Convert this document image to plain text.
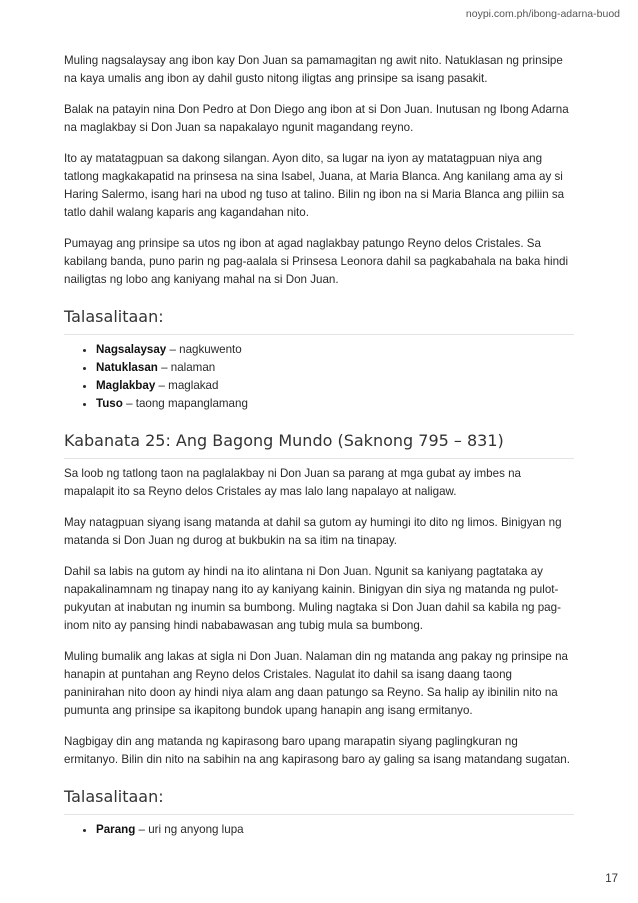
noypi.com.ph/ibong-adarna-buod

Muling nagsalaysay ang ibon kay Don Juan sa pamamagitan ng awit nito. Natuklasan ng prinsipe na kaya umalis ang ibon ay dahil gusto nitong iligtas ang prinsipe sa isang pasakit.

Balak na patayin nina Don Pedro at Don Diego ang ibon at si Don Juan. Inutusan ng Ibong Adarna na maglakbay si Don Juan sa napakalayo ngunit magandang reyno.

Ito ay matatagpuan sa dakong silangan. Ayon dito, sa lugar na iyon ay matatagpuan niya ang tatlong magkakapatid na prinsesa na sina Isabel, Juana, at Maria Blanca. Ang kanilang ama ay si Haring Salermo, isang hari na ubod ng tuso at talino. Bilin ng ibon na si Maria Blanca ang piliin sa tatlo dahil walang kaparis ang kagandahan nito.

Pumayag ang prinsipe sa utos ng ibon at agad naglakbay patungo Reyno delos Cristales. Sa kabilang banda, puno parin ng pag-aalala si Prinsesa Leonora dahil sa pagkabahala na baka hindi nailigtas ng lobo ang kaniyang mahal na si Don Juan.

Talasalitaan:
• Nagsalaysay – nagkuwento
• Natuklasan – nalaman
• Maglakbay – maglakad
• Tuso – taong mapanglamang
Kabanata 25: Ang Bagong Mundo (Saknong 795 – 831)

Sa loob ng tatlong taon na paglalakbay ni Don Juan sa parang at mga gubat ay imbes na mapalapit ito sa Reyno delos Cristales ay mas lalo lang napalayo at naligaw.

May natagpuan siyang isang matanda at dahil sa gutom ay humingi ito dito ng limos. Binigyan ng matanda si Don Juan ng durog at bukbukin na sa itim na tinapay.

Dahil sa labis na gutom ay hindi na ito alintana ni Don Juan. Ngunit sa kaniyang pagtataka ay napakalinamnam ng tinapay nang ito ay kaniyang kainin. Binigyan din siya ng matanda ng pulot-pukyutan at inabutan ng inumin sa bumbong. Muling nagtaka si Don Juan dahil sa kabila ng pag-inom nito ay pansing hindi nababawasan ang tubig mula sa bumbong.

Muling bumalik ang lakas at sigla ni Don Juan. Nalaman din ng matanda ang pakay ng prinsipe na hanapin at puntahan ang Reyno delos Cristales. Nagulat ito dahil sa isang daang taong paninirahan nito doon ay hindi niya alam ang daan patungo sa Reyno. Sa halip ay ibinilin nito na pumunta ang prinsipe sa ikapitong bundok upang hanapin ang isang ermitanyo.

Nagbigay din ang matanda ng kapirasong baro upang marapatin siyang paglingkuran ng ermitanyo. Bilin din nito na sabihin na ang kapirasong baro ay galing sa isang matandang sugatan.

Talasalitaan:
• Parang – uri ng anyong lupa
17
